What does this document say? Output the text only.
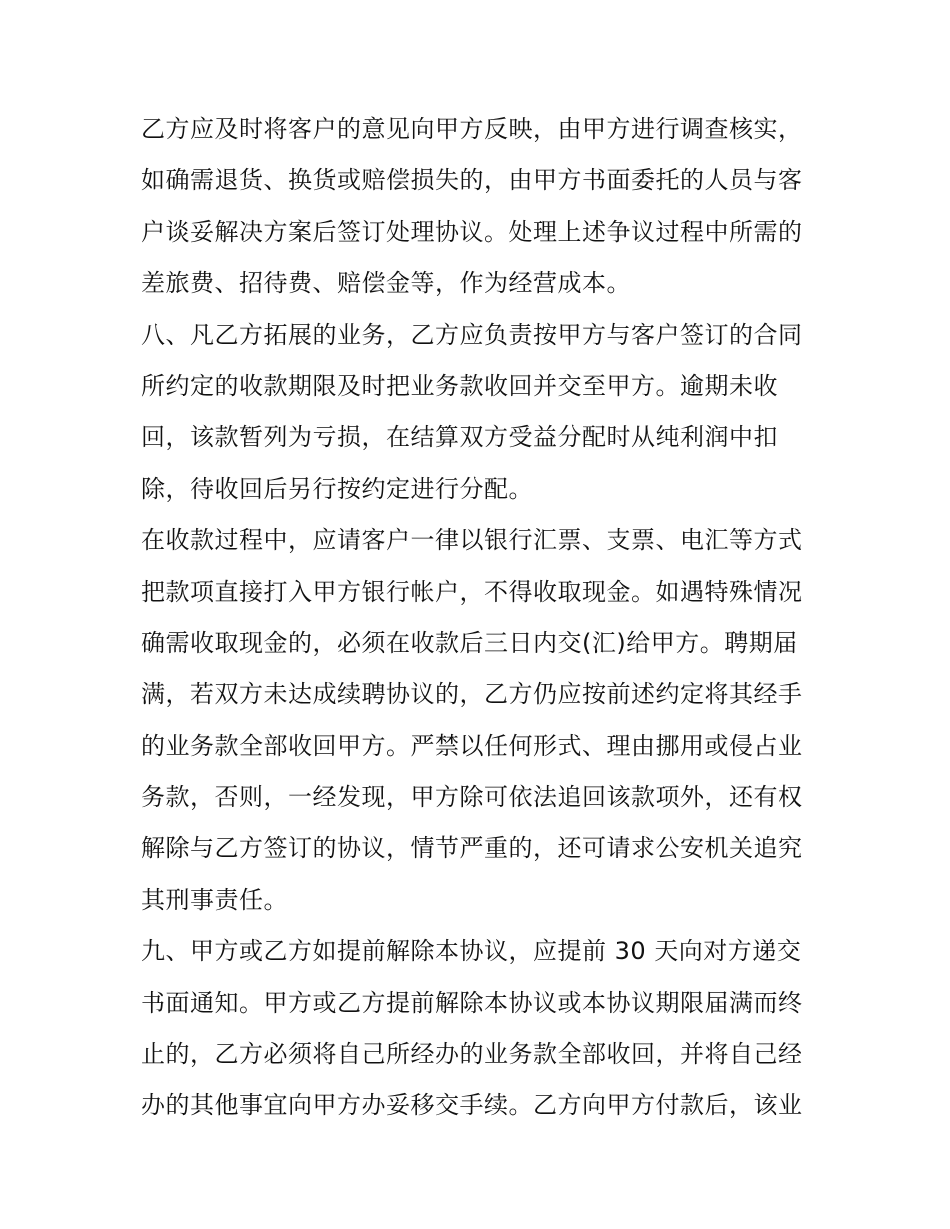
乙方应及时将客户的意见向甲方反映，由甲方进行调查核实，
如确需退货、换货或赔偿损失的，由甲方书面委托的人员与客
户谈妥解决方案后签订处理协议。处理上述争议过程中所需的
差旅费、招待费、赔偿金等，作为经营成本。
八、凡乙方拓展的业务，乙方应负责按甲方与客户签订的合同
所约定的收款期限及时把业务款收回并交至甲方。逾期未收
回，该款暂列为亏损，在结算双方受益分配时从纯利润中扣
除，待收回后另行按约定进行分配。
在收款过程中，应请客户一律以银行汇票、支票、电汇等方式
把款项直接打入甲方银行帐户，不得收取现金。如遇特殊情况
确需收取现金的，必须在收款后三日内交(汇)给甲方。聘期届
满，若双方未达成续聘协议的，乙方仍应按前述约定将其经手
的业务款全部收回甲方。严禁以任何形式、理由挪用或侵占业
务款，否则，一经发现，甲方除可依法追回该款项外，还有权
解除与乙方签订的协议，情节严重的，还可请求公安机关追究
其刑事责任。
九、甲方或乙方如提前解除本协议，应提前 30 天向对方递交
书面通知。甲方或乙方提前解除本协议或本协议期限届满而终
止的，乙方必须将自己所经办的业务款全部收回，并将自己经
办的其他事宜向甲方办妥移交手续。乙方向甲方付款后，该业
